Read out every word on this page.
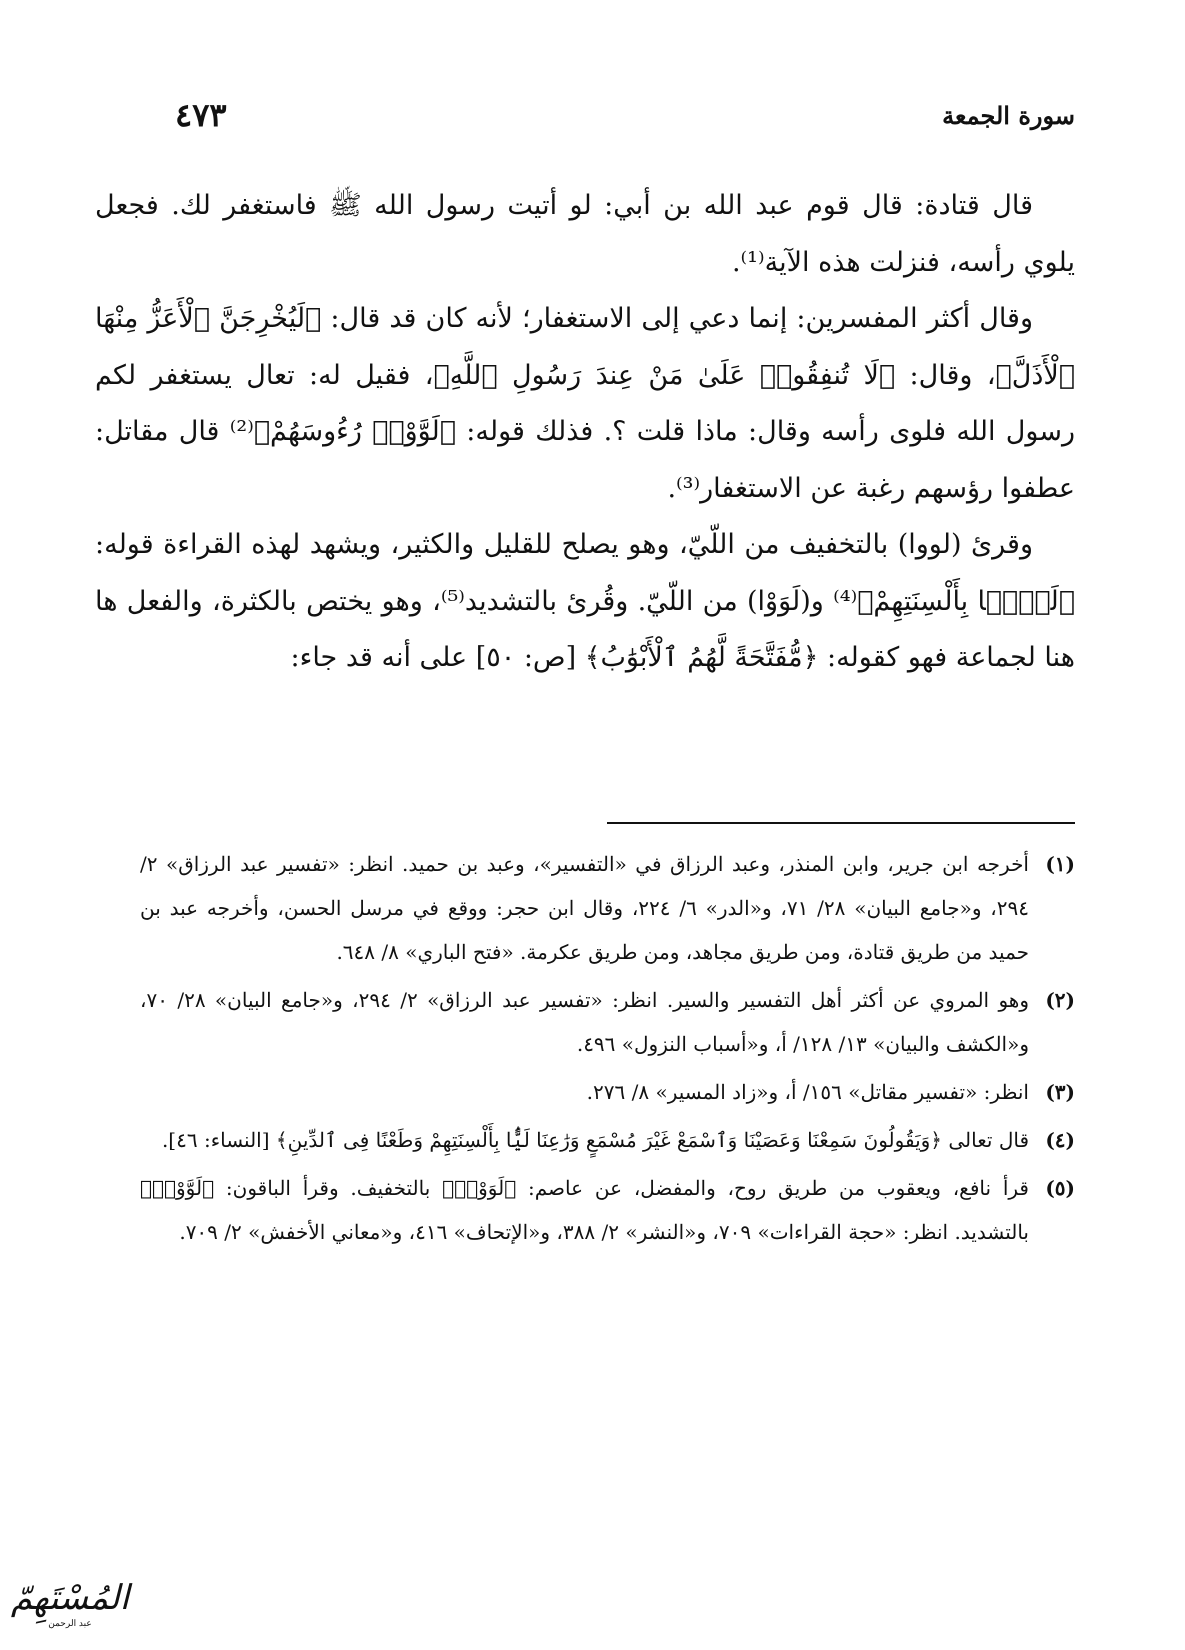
سورة الجمعة
٤٧٣

قال قتادة: قال قوم عبد الله بن أبي: لو أتيت رسول الله ﷺ فاستغفر لك. فجعل يلوي رأسه، فنزلت هذه الآية⁽¹⁾.

وقال أكثر المفسرين: إنما دعي إلى الاستغفار؛ لأنه كان قد قال: ﴿لَيُخْرِجَنَّ ٱلْأَعَزُّ مِنْهَا ٱلْأَذَلَّ﴾، وقال: ﴿لَا تُنفِقُوا۟ عَلَىٰ مَنْ عِندَ رَسُولِ ٱللَّهِ﴾، فقيل له: تعال يستغفر لكم رسول الله فلوى رأسه وقال: ماذا قلت ؟. فذلك قوله: ﴿لَوَّوْا۟ رُءُوسَهُمْ﴾⁽²⁾ قال مقاتل: عطفوا رؤسهم رغبة عن الاستغفار⁽³⁾.

وقرئ (لووا) بالتخفيف من اللّيّ، وهو يصلح للقليل والكثير، ويشهد لهذه القراءة قوله: ﴿لَيًّۢا بِأَلْسِنَتِهِمْ﴾⁽⁴⁾ و(لَوَوْا) من اللّيّ. وقُرئ بالتشديد⁽⁵⁾، وهو يختص بالكثرة، والفعل ها هنا لجماعة فهو كقوله: ﴿مُّفَتَّحَةً لَّهُمُ ٱلْأَبْوَٰبُ﴾ [ص: ٥٠] على أنه قد جاء:

(١)
أخرجه ابن جرير، وابن المنذر، وعبد الرزاق في «التفسير»، وعبد بن حميد. انظر: «تفسير عبد الرزاق» ٢/ ٢٩٤، و«جامع البيان» ٢٨/ ٧١، و«الدر» ٦/ ٢٢٤، وقال ابن حجر: ووقع في مرسل الحسن، وأخرجه عبد بن حميد من طريق قتادة، ومن طريق مجاهد، ومن طريق عكرمة. «فتح الباري» ٨/ ٦٤٨.
(٢)
وهو المروي عن أكثر أهل التفسير والسير. انظر: «تفسير عبد الرزاق» ٢/ ٢٩٤، و«جامع البيان» ٢٨/ ٧٠، و«الكشف والبيان» ١٣/ ١٢٨/ أ، و«أسباب النزول» ٤٩٦.
(٣)
انظر: «تفسير مقاتل» ١٥٦/ أ، و«زاد المسير» ٨/ ٢٧٦.
(٤)
قال تعالى ﴿وَيَقُولُونَ سَمِعْنَا وَعَصَيْنَا وَٱسْمَعْ غَيْرَ مُسْمَعٍ وَرَٰعِنَا لَيًّۢا بِأَلْسِنَتِهِمْ وَطَعْنًا فِى ٱلدِّينِ﴾ [النساء: ٤٦].
(٥)
قرأ نافع، ويعقوب من طريق روح، والمفضل، عن عاصم: ﴿لَوَوْا۟﴾ بالتخفيف. وقرأ الباقون: ﴿لَوَّوْا۟﴾ بالتشديد. انظر: «حجة القراءات» ٧٠٩، و«النشر» ٢/ ٣٨٨، و«الإتحاف» ٤١٦، و«معاني الأخفش» ٢/ ٧٠٩.
المُسْتَهِمّ
عبد الرحمن
